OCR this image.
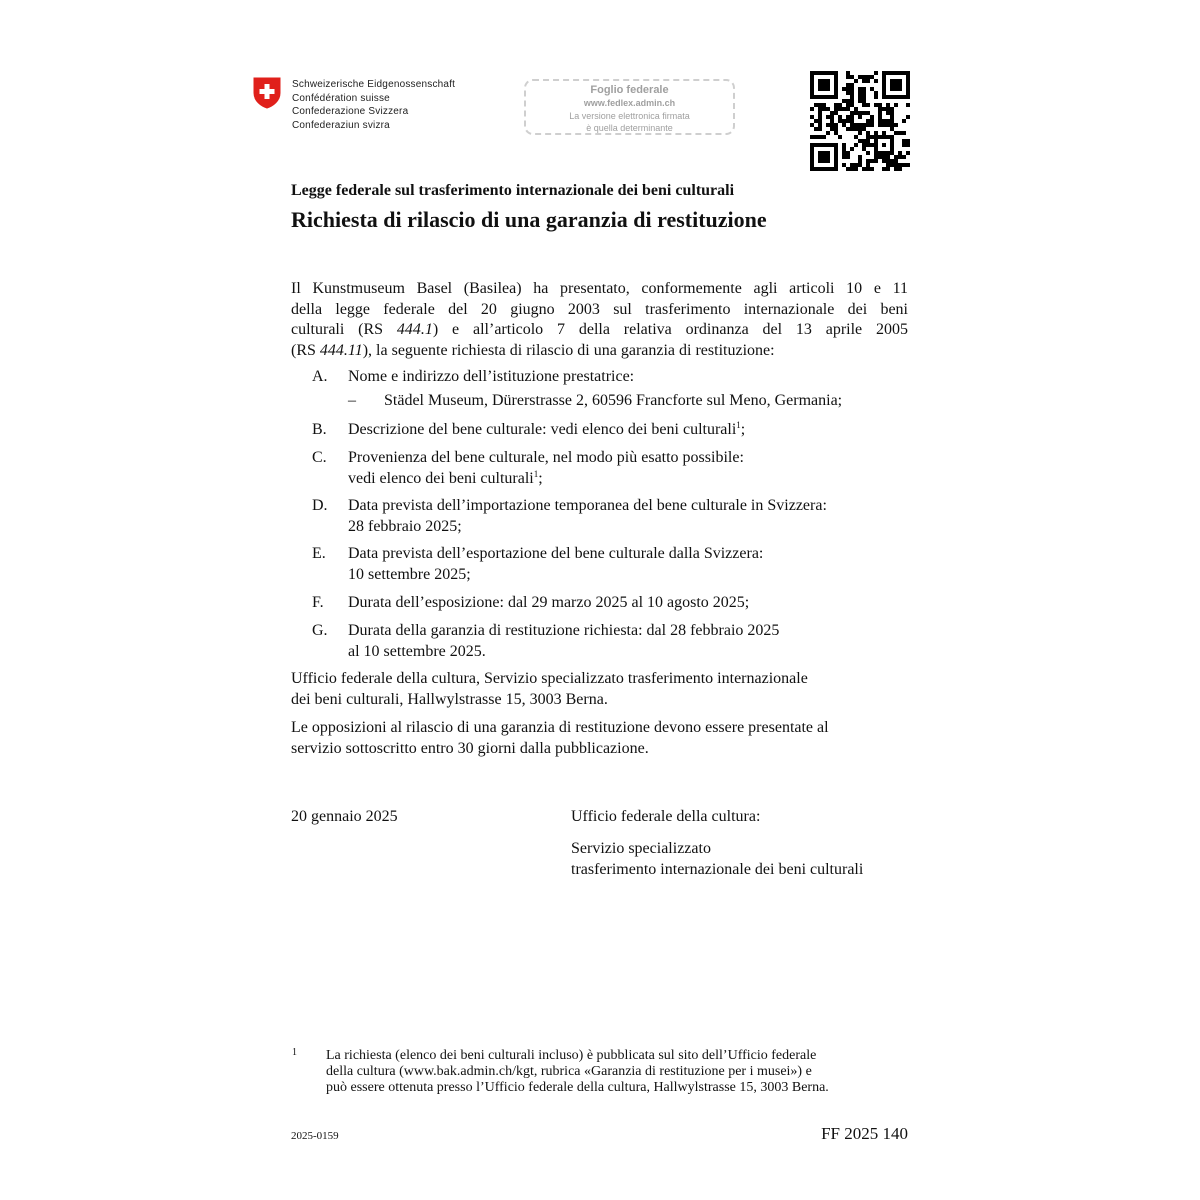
Schweizerische Eidgenossenschaft
Confédération suisse
Confederazione Svizzera
Confederaziun svizra
Foglio federale
www.fedlex.admin.ch
La versione elettronica firmata
è quella determinante
Legge federale sul trasferimento internazionale dei beni culturali
Richiesta di rilascio di una garanzia di restituzione
Il Kunstmuseum Basel (Basilea) ha presentato, conformemente agli articoli 10 e 11
della legge federale del 20 giugno 2003 sul trasferimento internazionale dei beni
culturali (RS 444.1) e all’articolo 7 della relativa ordinanza del 13 aprile 2005
(RS 444.11), la seguente richiesta di rilascio di una garanzia di restituzione:
A. Nome e indirizzo dell’istituzione prestatrice:
– Städel Museum, Dürerstrasse 2, 60596 Francforte sul Meno, Germania;
B. Descrizione del bene culturale: vedi elenco dei beni culturali$^1$;
C. Provenienza del bene culturale, nel modo più esatto possibile:
vedi elenco dei beni culturali$^1$;
D. Data prevista dell’importazione temporanea del bene culturale in Svizzera:
28 febbraio 2025;
E. Data prevista dell’esportazione del bene culturale dalla Svizzera:
10 settembre 2025;
F. Durata dell’esposizione: dal 29 marzo 2025 al 10 agosto 2025;
G. Durata della garanzia di restituzione richiesta: dal 28 febbraio 2025
al 10 settembre 2025.
Ufficio federale della cultura, Servizio specializzato trasferimento internazionale
dei beni culturali, Hallwylstrasse 15, 3003 Berna.
Le opposizioni al rilascio di una garanzia di restituzione devono essere presentate al
servizio sottoscritto entro 30 giorni dalla pubblicazione.
20 gennaio 2025	Ufficio federale della cultura:
Servizio specializzato
trasferimento internazionale dei beni culturali
1 La richiesta (elenco dei beni culturali incluso) è pubblicata sul sito dell’Ufficio federale
della cultura (www.bak.admin.ch/kgt, rubrica «Garanzia di restituzione per i musei») e
può essere ottenuta presso l’Ufficio federale della cultura, Hallwylstrasse 15, 3003 Berna.
2025-0159	FF 2025 140
